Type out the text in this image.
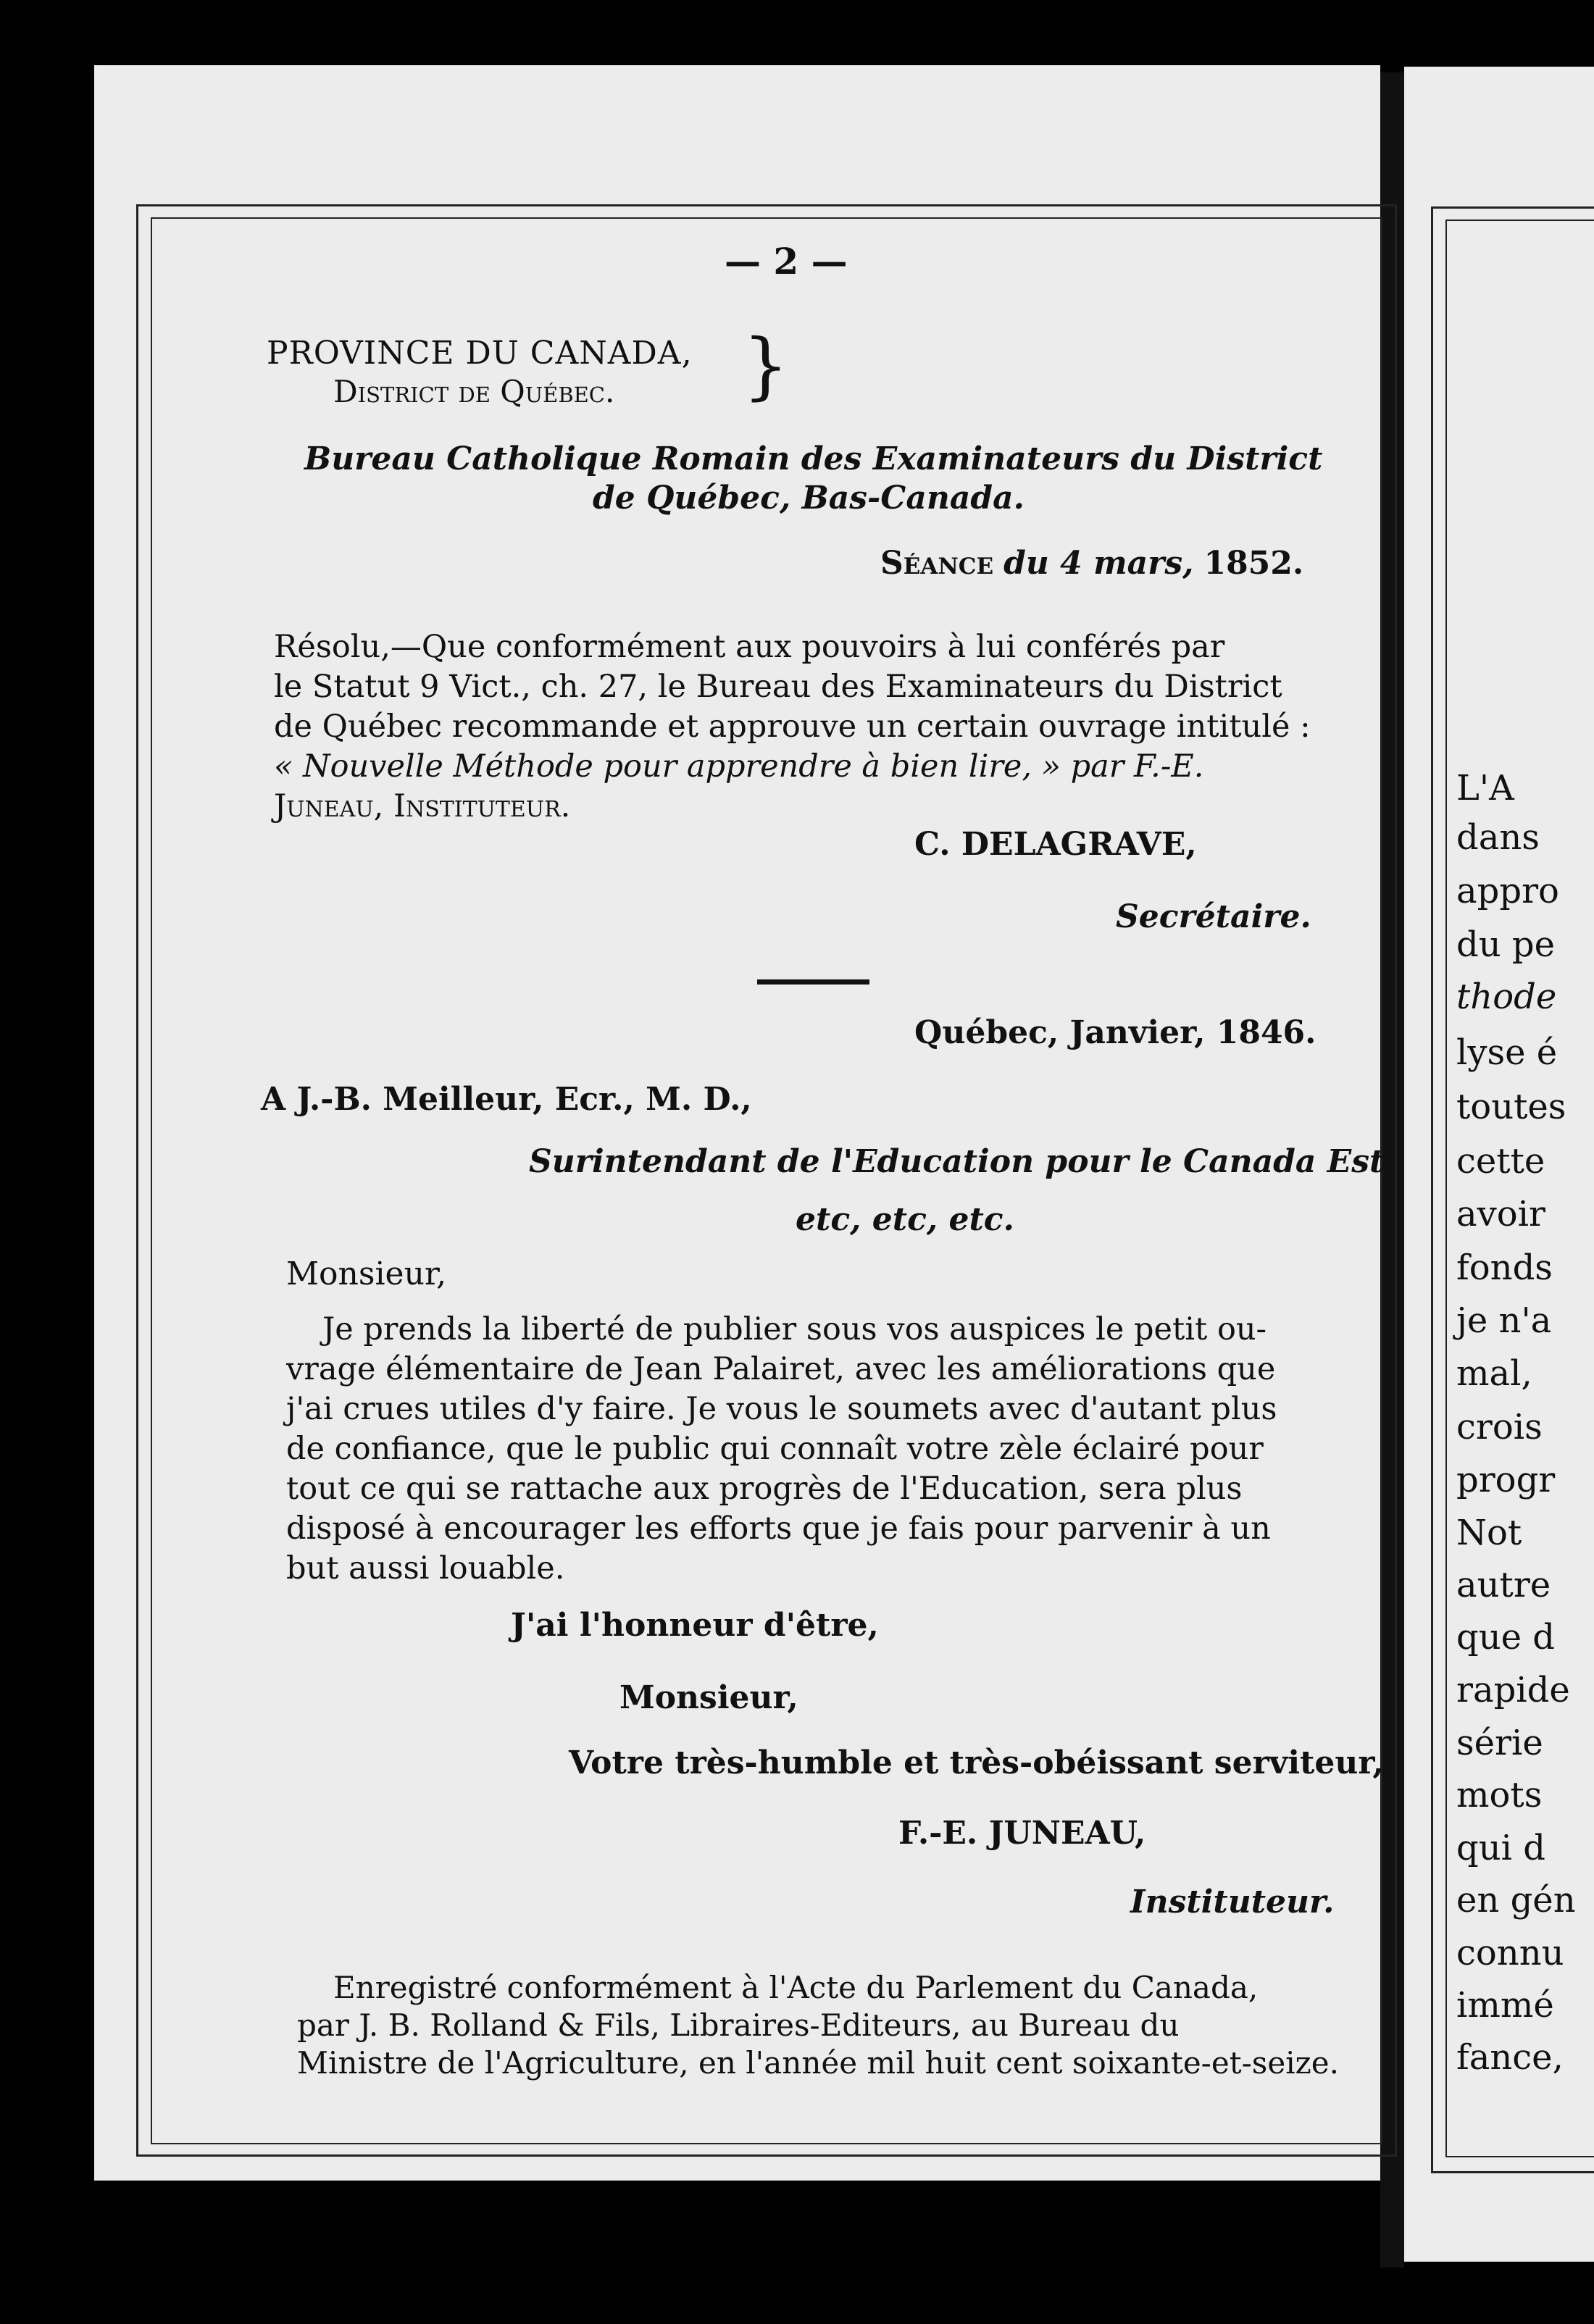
— 2 —
PROVINCE DU CANADA,
District de Québec. }
Bureau Catholique Romain des Examinateurs du District
de Québec, Bas-Canada.
Séance du 4 mars, 1852.

Résolu,—Que conformément aux pouvoirs à lui conférés par

le Statut 9 Vict., ch. 27, le Bureau des Examinateurs du District

de Québec recommande et approuve un certain ouvrage intitulé :

« Nouvelle Méthode pour apprendre à bien lire, » par F.-E.

Juneau, Instituteur.

C. DELAGRAVE,
Secrétaire.
Québec, Janvier, 1846.
A J.-B. Meilleur, Ecr., M. D.,
Surintendant de l'Education pour le Canada Est,
etc, etc, etc.
Monsieur,

Je prends la liberté de publier sous vos auspices le petit ou-

vrage élémentaire de Jean Palairet, avec les améliorations que

j'ai crues utiles d'y faire. Je vous le soumets avec d'autant plus

de confiance, que le public qui connaît votre zèle éclairé pour

tout ce qui se rattache aux progrès de l'Education, sera plus

disposé à encourager les efforts que je fais pour parvenir à un

but aussi louable.

J'ai l'honneur d'être,
Monsieur,
Votre très-humble et très-obéissant serviteur,
F.-E. JUNEAU,
Instituteur.

Enregistré conformément à l'Acte du Parlement du Canada,

par J. B. Rolland & Fils, Libraires-Editeurs, au Bureau du

Ministre de l'Agriculture, en l'année mil huit cent soixante-et-seize.

L'A
dans
appro
du pe
thode
lyse é
toutes
cette
avoir
fonds
je n'a
mal,
crois
progr
Not
autre
que d
rapide
série
mots
qui d
en gén
connu
immé
fance,
